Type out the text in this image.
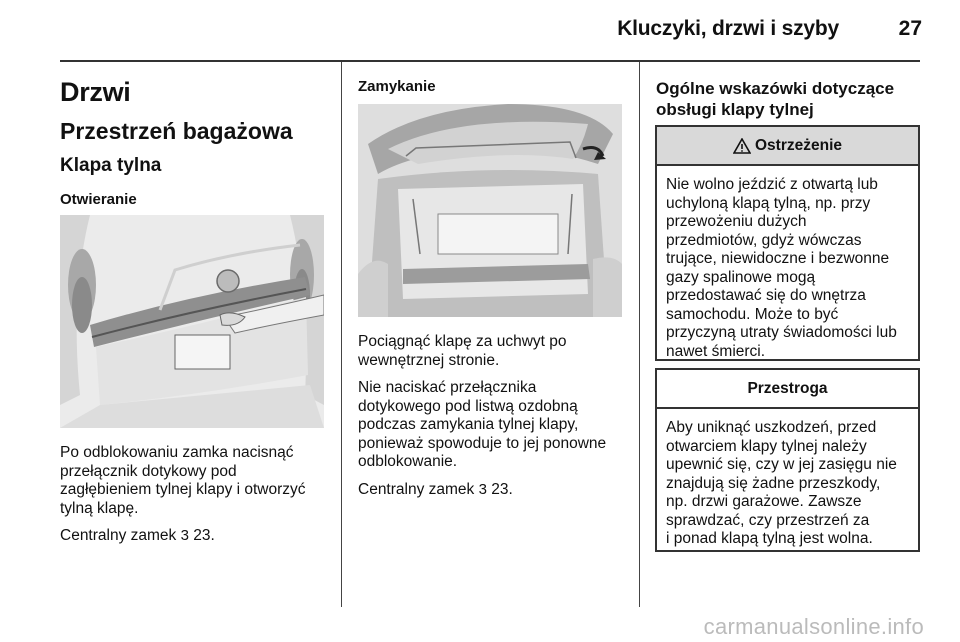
Kluczyki, drzwi i szyby	27
Drzwi
Przestrzeń bagażowa
Klapa tylna
Otwieranie

Po odblokowaniu zamka nacisnąć

przełącznik dotykowy pod

zagłębieniem tylnej klapy i otworzyć

tylną klapę.

Centralny zamek 3 23.

Zamykanie

Pociągnąć klapę za uchwyt po

wewnętrznej stronie.

Nie naciskać przełącznika

dotykowego pod listwą ozdobną

podczas zamykania tylnej klapy,

ponieważ spowoduje to jej ponowne

odblokowanie.

Centralny zamek 3 23.

Ogólne wskazówki dotyczące
obsługi klapy tylnej
Ostrzeżenie
Nie wolno jeździć z otwartą lub
uchyloną klapą tylną, np. przy
przewożeniu dużych
przedmiotów, gdyż wówczas
trujące, niewidoczne i bezwonne
gazy spalinowe mogą
przedostawać się do wnętrza
samochodu. Może to być
przyczyną utraty świadomości lub
nawet śmierci.
Przestroga
Aby uniknąć uszkodzeń, przed
otwarciem klapy tylnej należy
upewnić się, czy w jej zasięgu nie
znajdują się żadne przeszkody,
np. drzwi garażowe. Zawsze
sprawdzać, czy przestrzeń za
i ponad klapą tylną jest wolna.
carmanualsonline.info
